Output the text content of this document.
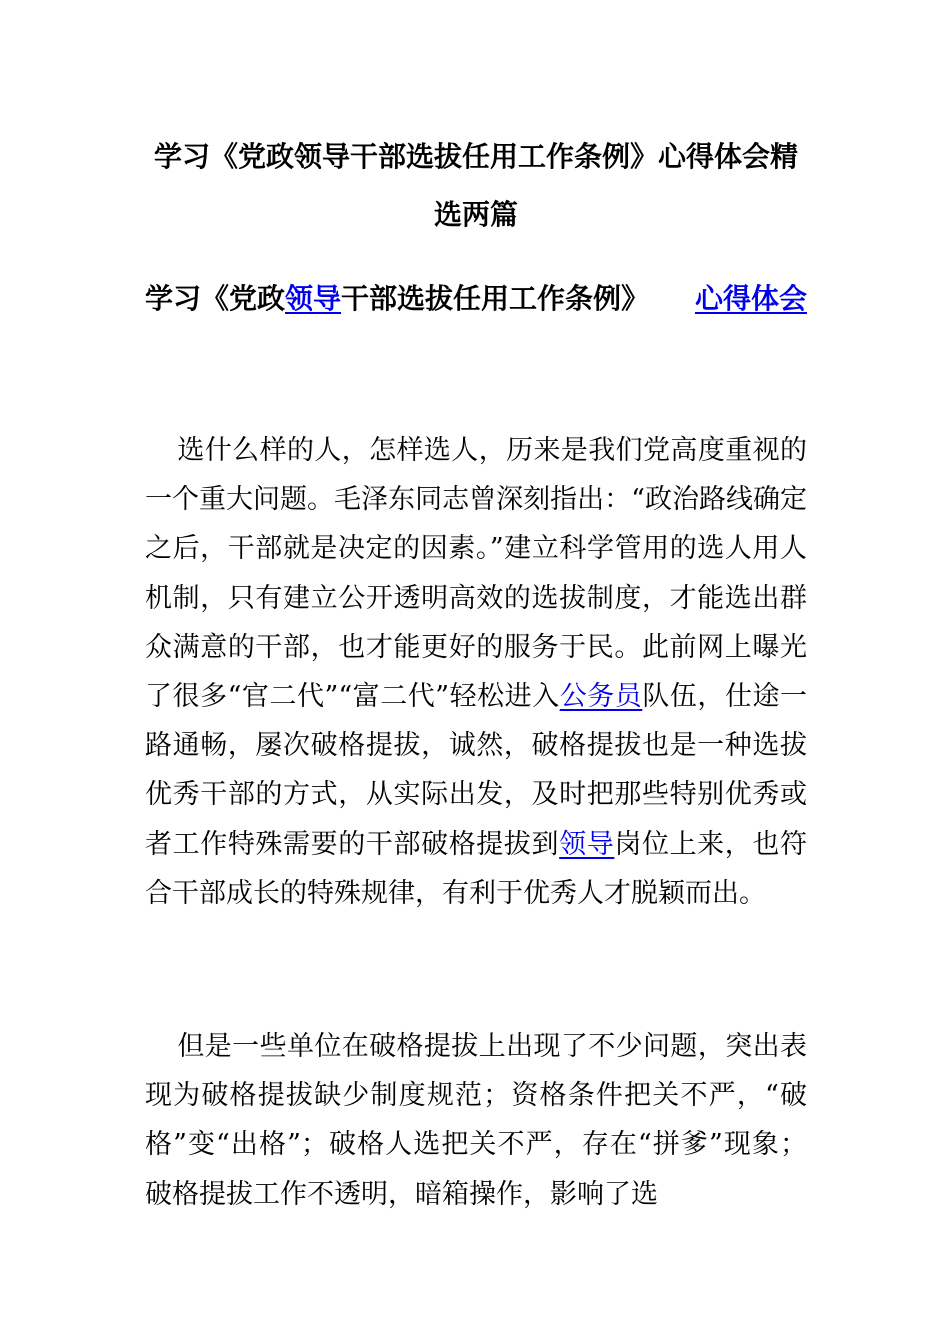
学习《党政领导干部选拔任用工作条例》心得体会精选两篇
学习《党政领导干部选拔任用工作条例》 心得体会

选什么样的人，怎样选人，历来是我们党高度重视的一个重大问题。毛泽东同志曾深刻指出：“政治路线确定之后，干部就是决定的因素。”建立科学管用的选人用人机制，只有建立公开透明高效的选拔制度，才能选出群众满意的干部，也才能更好的服务于民。此前网上曝光了很多“官二代”“富二代”轻松进入公务员队伍，仕途一路通畅，屡次破格提拔，诚然，破格提拔也是一种选拔优秀干部的方式，从实际出发，及时把那些特别优秀或者工作特殊需要的干部破格提拔到领导岗位上来，也符合干部成长的特殊规律，有利于优秀人才脱颖而出。

但是一些单位在破格提拔上出现了不少问题，突出表现为破格提拔缺少制度规范；资格条件把关不严，“破格”变“出格”；破格人选把关不严，存在“拼爹”现象；破格提拔工作不透明，暗箱操作，影响了选
